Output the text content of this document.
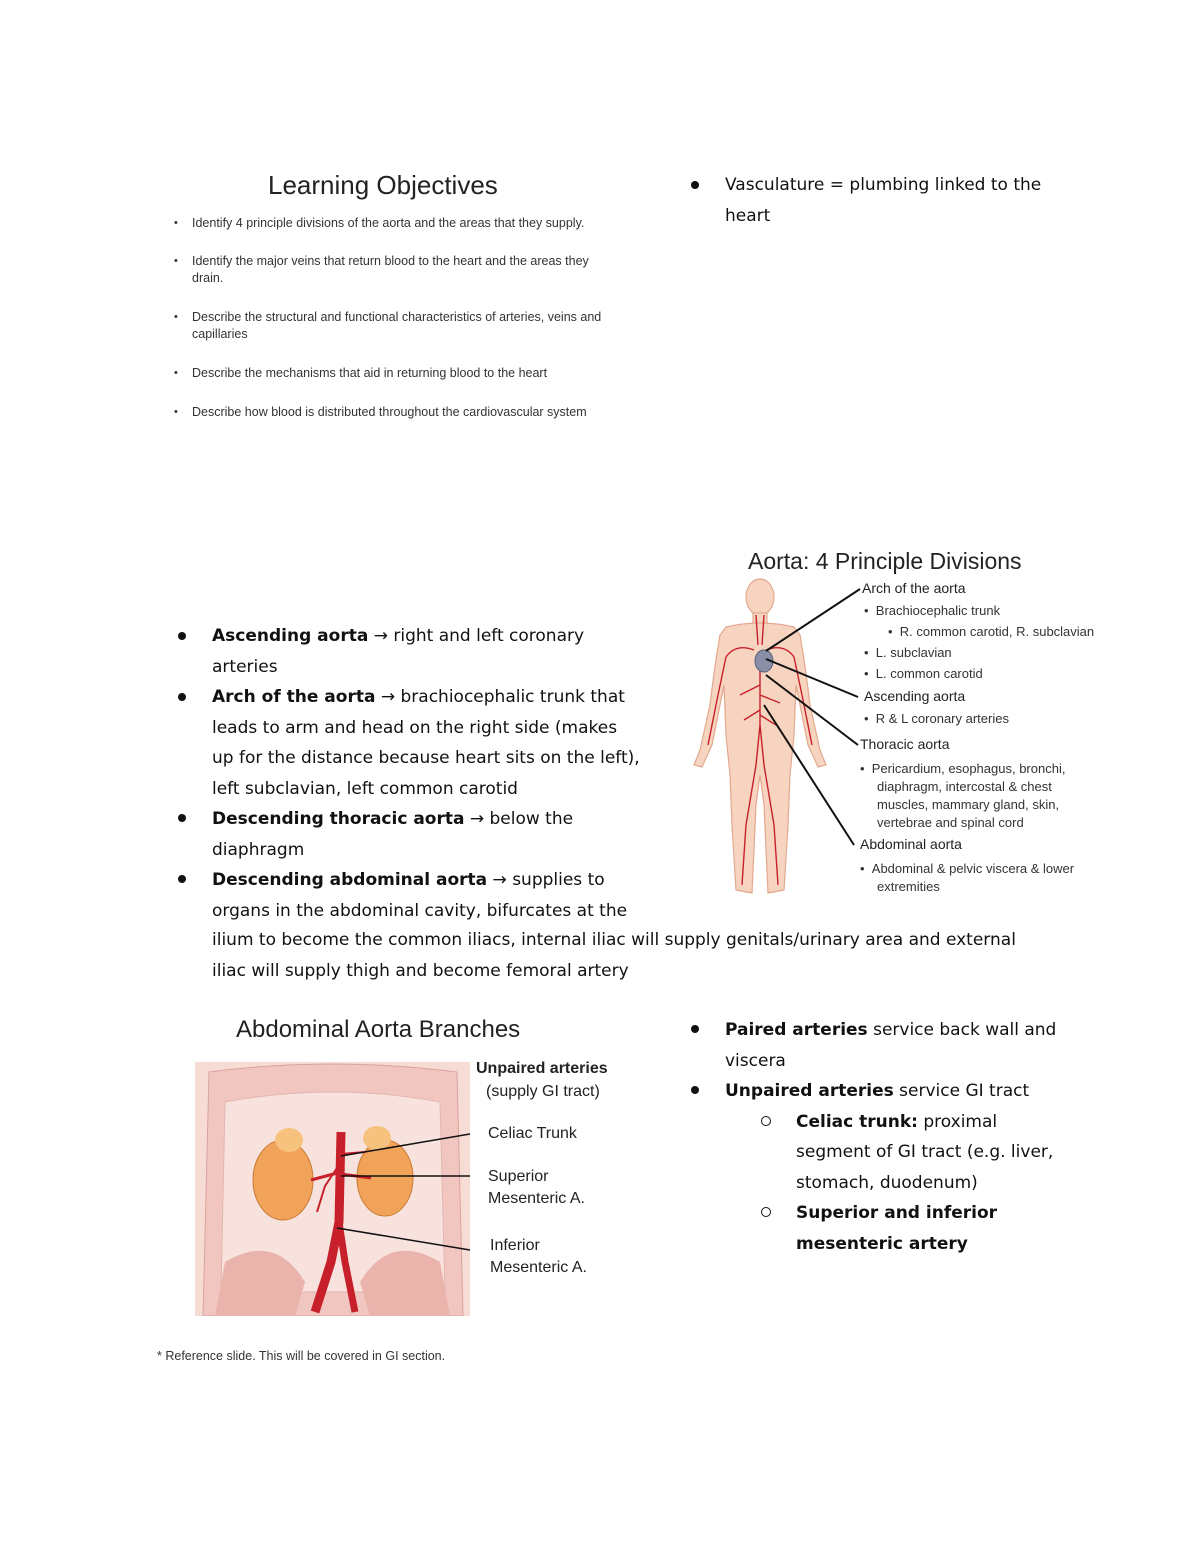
Learning Objectives
• Identify 4 principle divisions of the aorta and the areas that they supply.
• Identify the major veins that return blood to the heart and the areas they drain.
• Describe the structural and functional characteristics of arteries, veins and capillaries
• Describe the mechanisms that aid in returning blood to the heart
• Describe how blood is distributed throughout the cardiovascular system
Vasculature = plumbing linked to the
heart
Ascending aorta → right and left coronary
arteries
Arch of the aorta → brachiocephalic trunk that
leads to arm and head on the right side (makes
up for the distance because heart sits on the left),
left subclavian, left common carotid
Descending thoracic aorta → below the
diaphragm
Descending abdominal aorta → supplies to
organs in the abdominal cavity, bifurcates at the
ilium to become the common iliacs, internal iliac will supply genitals/urinary area and external
iliac will supply thigh and become femoral artery
Aorta: 4 Principle Divisions
Arch of the aorta
•  Brachiocephalic trunk
•  R. common carotid, R. subclavian
•  L. subclavian
•  L. common carotid
Ascending aorta
•  R & L coronary arteries
Thoracic aorta
•  Pericardium, esophagus, bronchi,
diaphragm, intercostal & chest
muscles, mammary gland, skin,
vertebrae and spinal cord
Abdominal aorta
•  Abdominal & pelvic viscera & lower
extremities
Abdominal Aorta Branches
Unpaired arteries
(supply GI tract)
Celiac Trunk
Superior
Mesenteric A.
Inferior
Mesenteric A.
* Reference slide. This will be covered in GI section.
Paired arteries service back wall and
viscera
Unpaired arteries service GI tract
Celiac trunk: proximal
segment of GI tract (e.g. liver,
stomach, duodenum)
Superior and inferior
mesenteric artery
